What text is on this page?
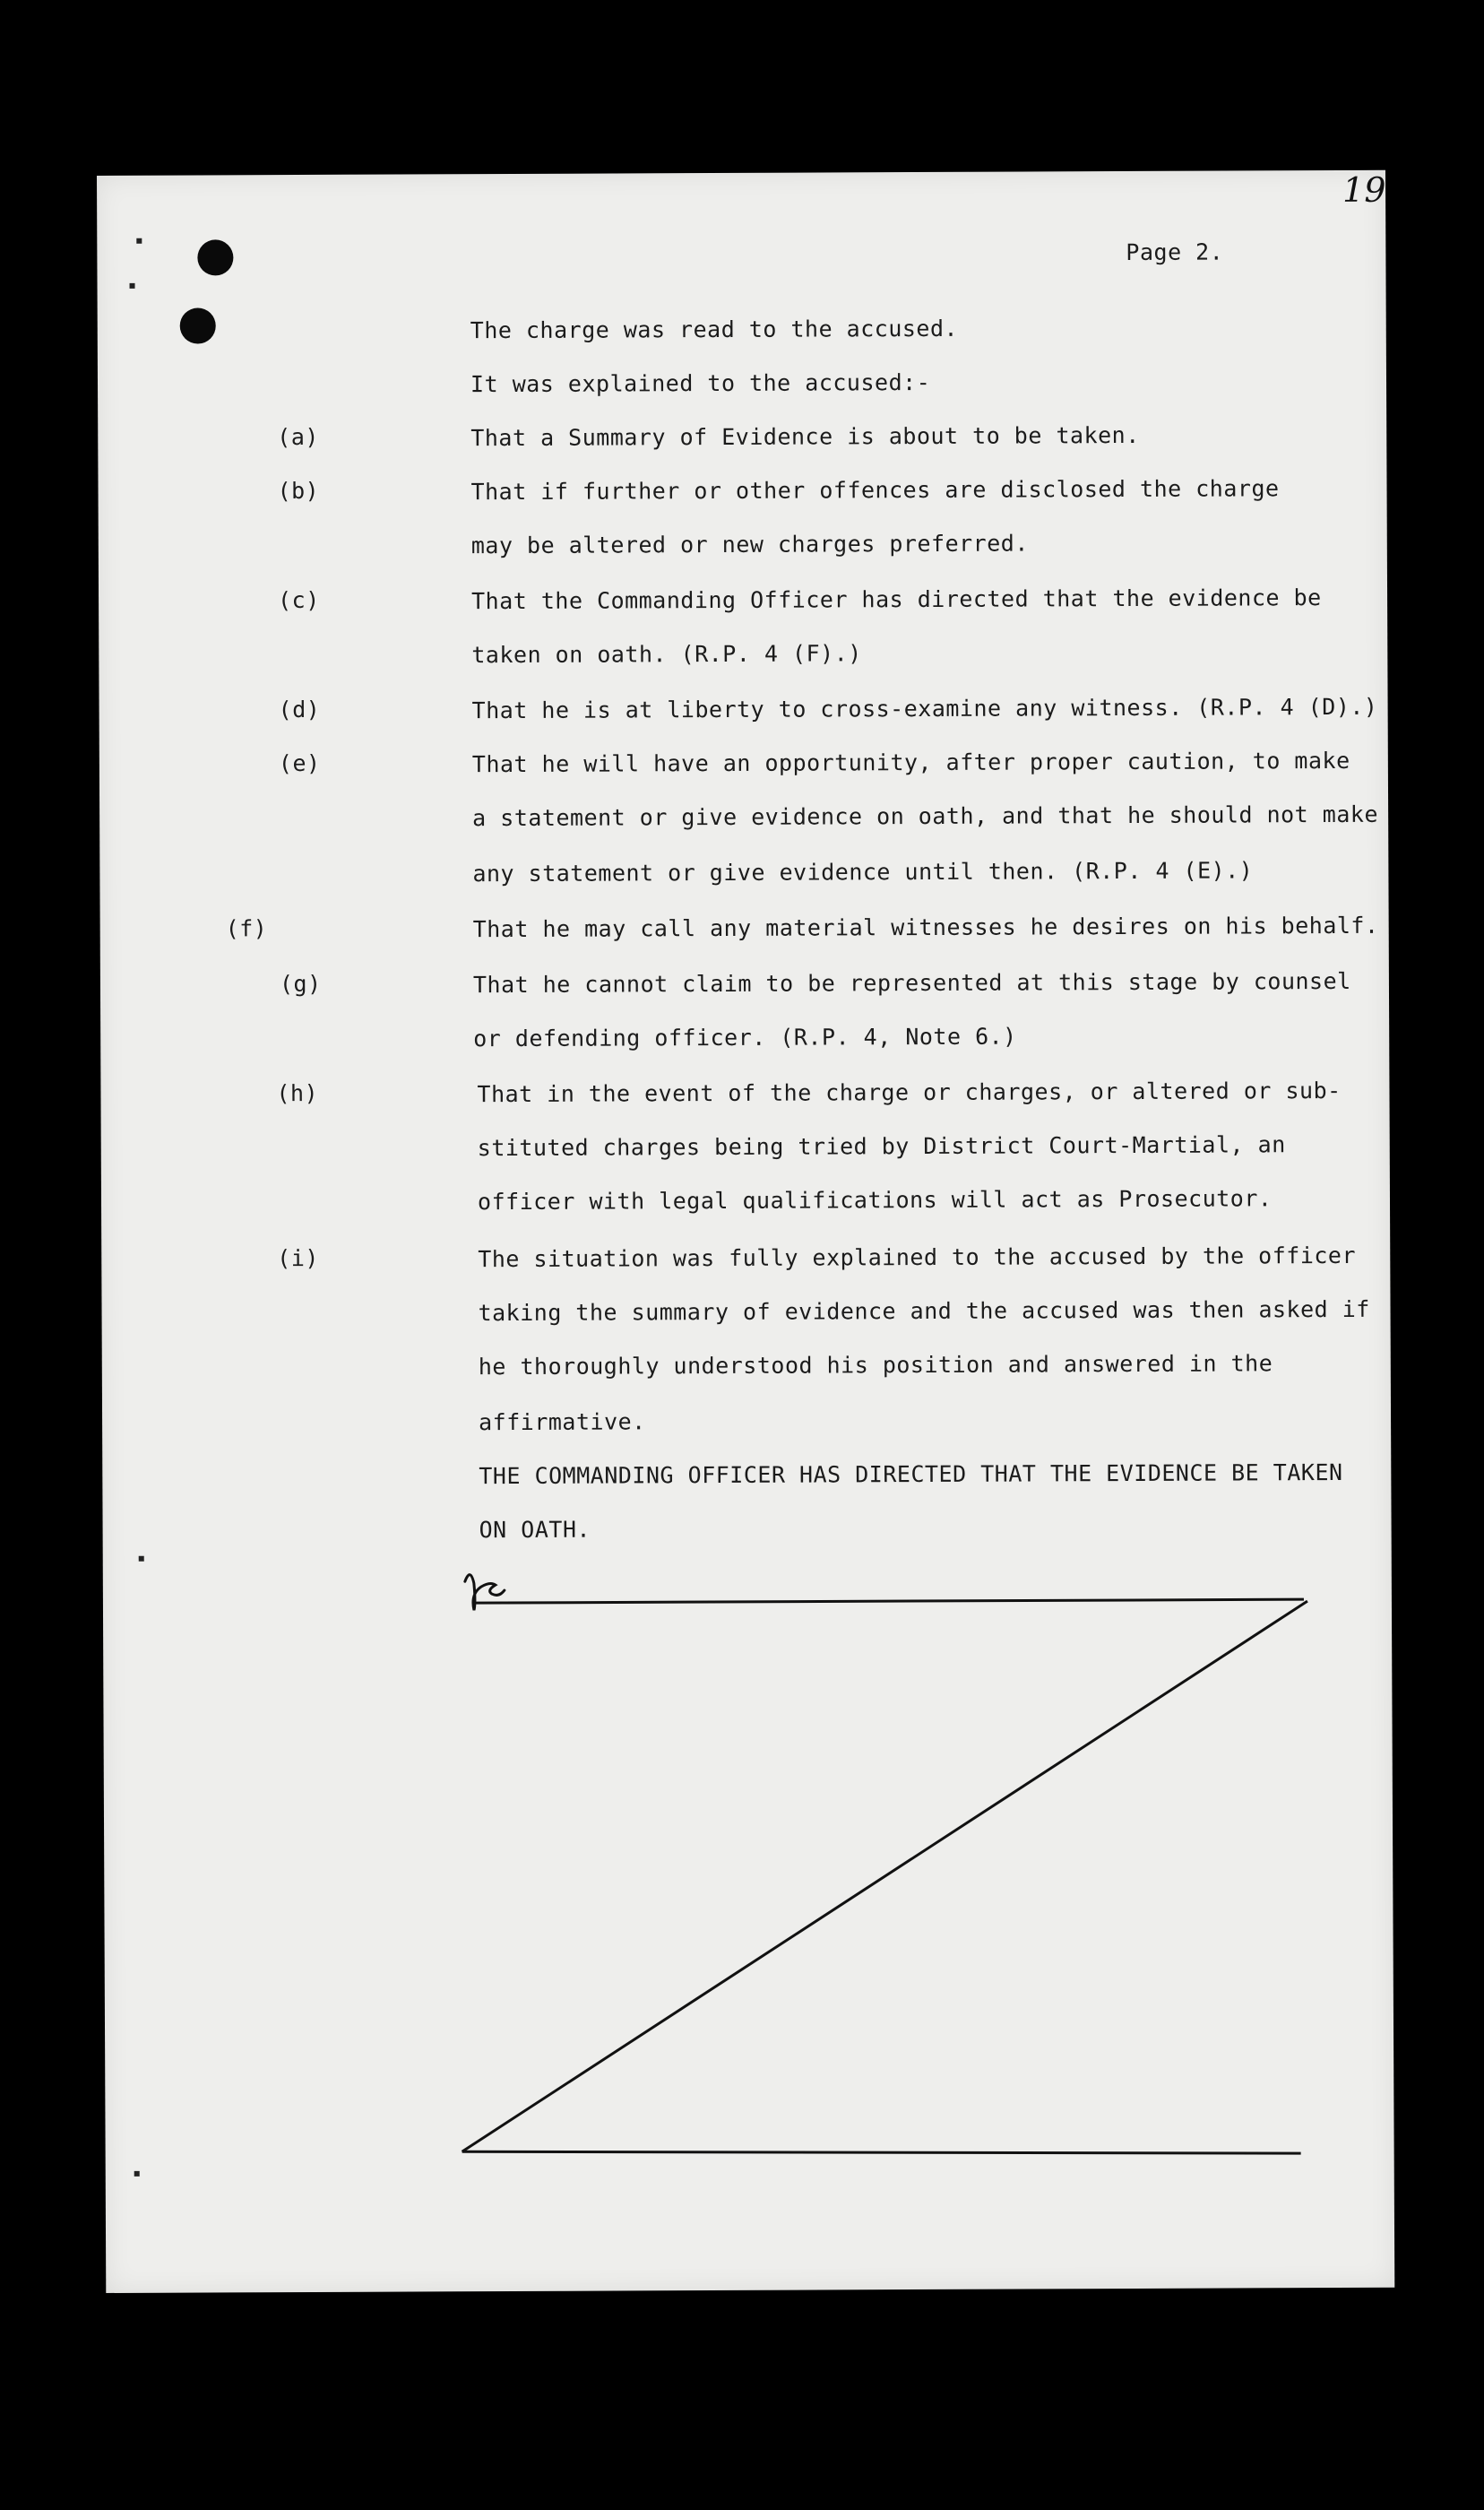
19
Page 2.
The charge was read to the accused.
It was explained to the accused:-
(a)	That a Summary of Evidence is about to be taken.
(b)	That if further or other offences are disclosed the charge
may be altered or new charges preferred.
(c)	That the Commanding Officer has directed that the evidence be
taken on oath. (R.P. 4 (F).)
(d)	That he is at liberty to cross-examine any witness. (R.P. 4 (D).)
(e)	That he will have an opportunity, after proper caution, to make
a statement or give evidence on oath, and that he should not make
any statement or give evidence until then. (R.P. 4 (E).)
(f)	That he may call any material witnesses he desires on his behalf.
(g)	That he cannot claim to be represented at this stage by counsel
or defending officer. (R.P. 4, Note 6.)
(h)	That in the event of the charge or charges, or altered or sub-
stituted charges being tried by District Court-Martial, an
officer with legal qualifications will act as Prosecutor.
(i)	The situation was fully explained to the accused by the officer
taking the summary of evidence and the accused was then asked if
he thoroughly understood his position and answered in the
affirmative.
THE COMMANDING OFFICER HAS DIRECTED THAT THE EVIDENCE BE TAKEN
ON OATH.
